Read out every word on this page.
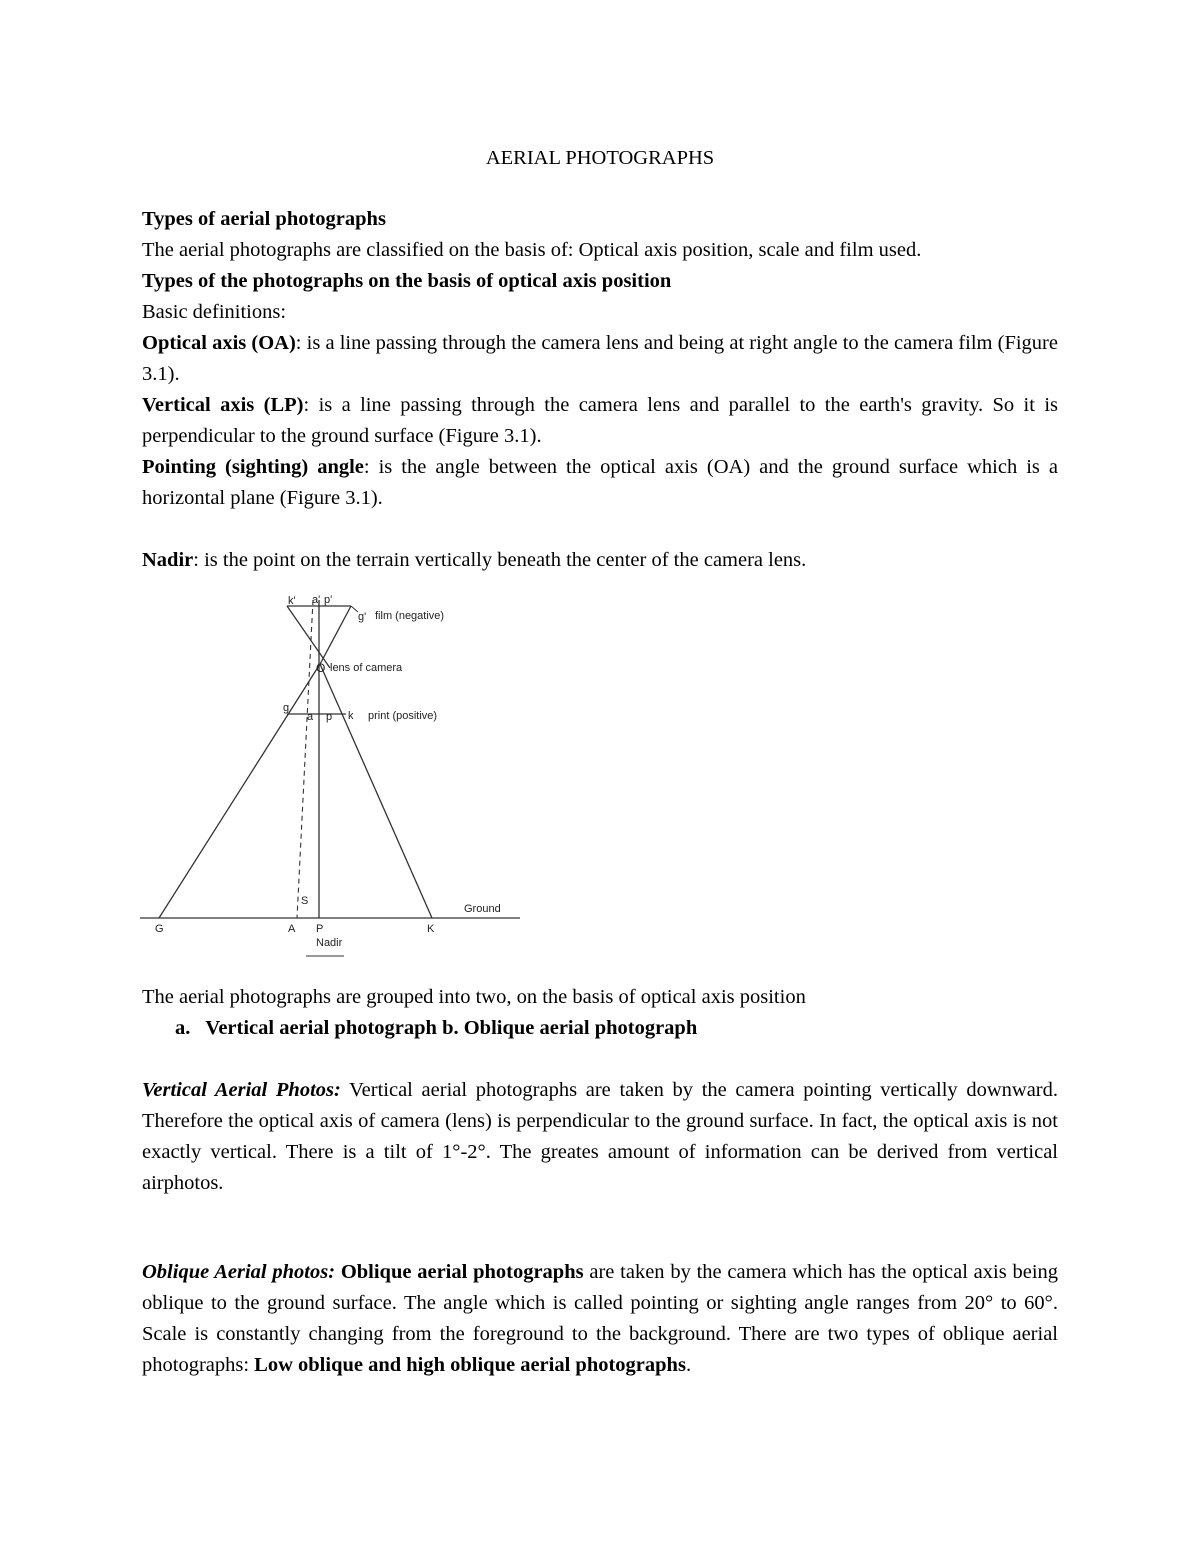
AERIAL PHOTOGRAPHS
Types of aerial photographs
The aerial photographs are classified on the basis of: Optical axis position, scale and film used.
Types of the photographs on the basis of optical axis position
Basic definitions:
Optical axis (OA): is a line passing through the camera lens and being at right angle to the camera film (Figure 3.1).
Vertical axis (LP): is a line passing through the camera lens and parallel to the earth's gravity. So it is perpendicular to the ground surface (Figure 3.1).
Pointing (sighting) angle: is the angle between the optical axis (OA) and the ground surface which is a horizontal plane (Figure 3.1).
Nadir: is the point on the terrain vertically beneath the center of the camera lens.
k' a' p'
g' film (negative)
O lens of camera
g
a p k print (positive)
S
Ground
G	A P	K
Nadir
The aerial photographs are grouped into two, on the basis of optical axis position
a. Vertical aerial photograph b. Oblique aerial photograph
Vertical Aerial Photos: Vertical aerial photographs are taken by the camera pointing vertically downward. Therefore the optical axis of camera (lens) is perpendicular to the ground surface. In fact, the optical axis is not exactly vertical. There is a tilt of 1°-2°. The greates amount of information can be derived from vertical airphotos.
Oblique Aerial photos: Oblique aerial photographs are taken by the camera which has the optical axis being oblique to the ground surface. The angle which is called pointing or sighting angle ranges from 20° to 60°. Scale is constantly changing from the foreground to the background. There are two types of oblique aerial photographs: Low oblique and high oblique aerial photographs.
